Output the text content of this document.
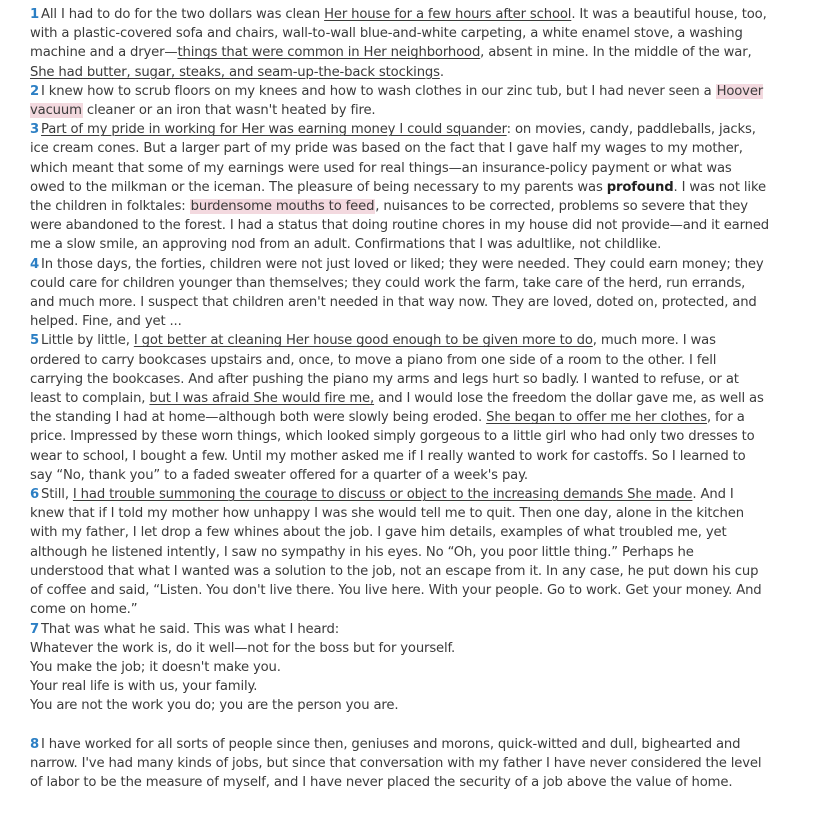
1 All I had to do for the two dollars was clean Her house for a few hours after school. It was a beautiful house, too, with a plastic-covered sofa and chairs, wall-to-wall blue-and-white carpeting, a white enamel stove, a washing machine and a dryer—things that were common in Her neighborhood, absent in mine. In the middle of the war, She had butter, sugar, steaks, and seam-up-the-back stockings.

2 I knew how to scrub floors on my knees and how to wash clothes in our zinc tub, but I had never seen a Hoover vacuum cleaner or an iron that wasn't heated by fire.

3 Part of my pride in working for Her was earning money I could squander: on movies, candy, paddleballs, jacks, ice cream cones. But a larger part of my pride was based on the fact that I gave half my wages to my mother, which meant that some of my earnings were used for real things—an insurance-policy payment or what was owed to the milkman or the iceman. The pleasure of being necessary to my parents was profound. I was not like the children in folktales: burdensome mouths to feed, nuisances to be corrected, problems so severe that they were abandoned to the forest. I had a status that doing routine chores in my house did not provide—and it earned me a slow smile, an approving nod from an adult. Confirmations that I was adultlike, not childlike.

4 In those days, the forties, children were not just loved or liked; they were needed. They could earn money; they could care for children younger than themselves; they could work the farm, take care of the herd, run errands, and much more. I suspect that children aren't needed in that way now. They are loved, doted on, protected, and helped. Fine, and yet ...

5 Little by little, I got better at cleaning Her house good enough to be given more to do, much more. I was ordered to carry bookcases upstairs and, once, to move a piano from one side of a room to the other. I fell carrying the bookcases. And after pushing the piano my arms and legs hurt so badly. I wanted to refuse, or at least to complain, but I was afraid She would fire me, and I would lose the freedom the dollar gave me, as well as the standing I had at home—although both were slowly being eroded. She began to offer me her clothes, for a price. Impressed by these worn things, which looked simply gorgeous to a little girl who had only two dresses to wear to school, I bought a few. Until my mother asked me if I really wanted to work for castoffs. So I learned to say “No, thank you” to a faded sweater offered for a quarter of a week's pay.

6 Still, I had trouble summoning the courage to discuss or object to the increasing demands She made. And I knew that if I told my mother how unhappy I was she would tell me to quit. Then one day, alone in the kitchen with my father, I let drop a few whines about the job. I gave him details, examples of what troubled me, yet although he listened intently, I saw no sympathy in his eyes. No “Oh, you poor little thing.” Perhaps he understood that what I wanted was a solution to the job, not an escape from it. In any case, he put down his cup of coffee and said, “Listen. You don't live there. You live here. With your people. Go to work. Get your money. And come on home.”

7 That was what he said. This was what I heard:

Whatever the work is, do it well—not for the boss but for yourself.
You make the job; it doesn't make you.
Your real life is with us, your family.
You are not the work you do; you are the person you are.

8 I have worked for all sorts of people since then, geniuses and morons, quick-witted and dull, bighearted and narrow. I've had many kinds of jobs, but since that conversation with my father I have never considered the level of labor to be the measure of myself, and I have never placed the security of a job above the value of home.
